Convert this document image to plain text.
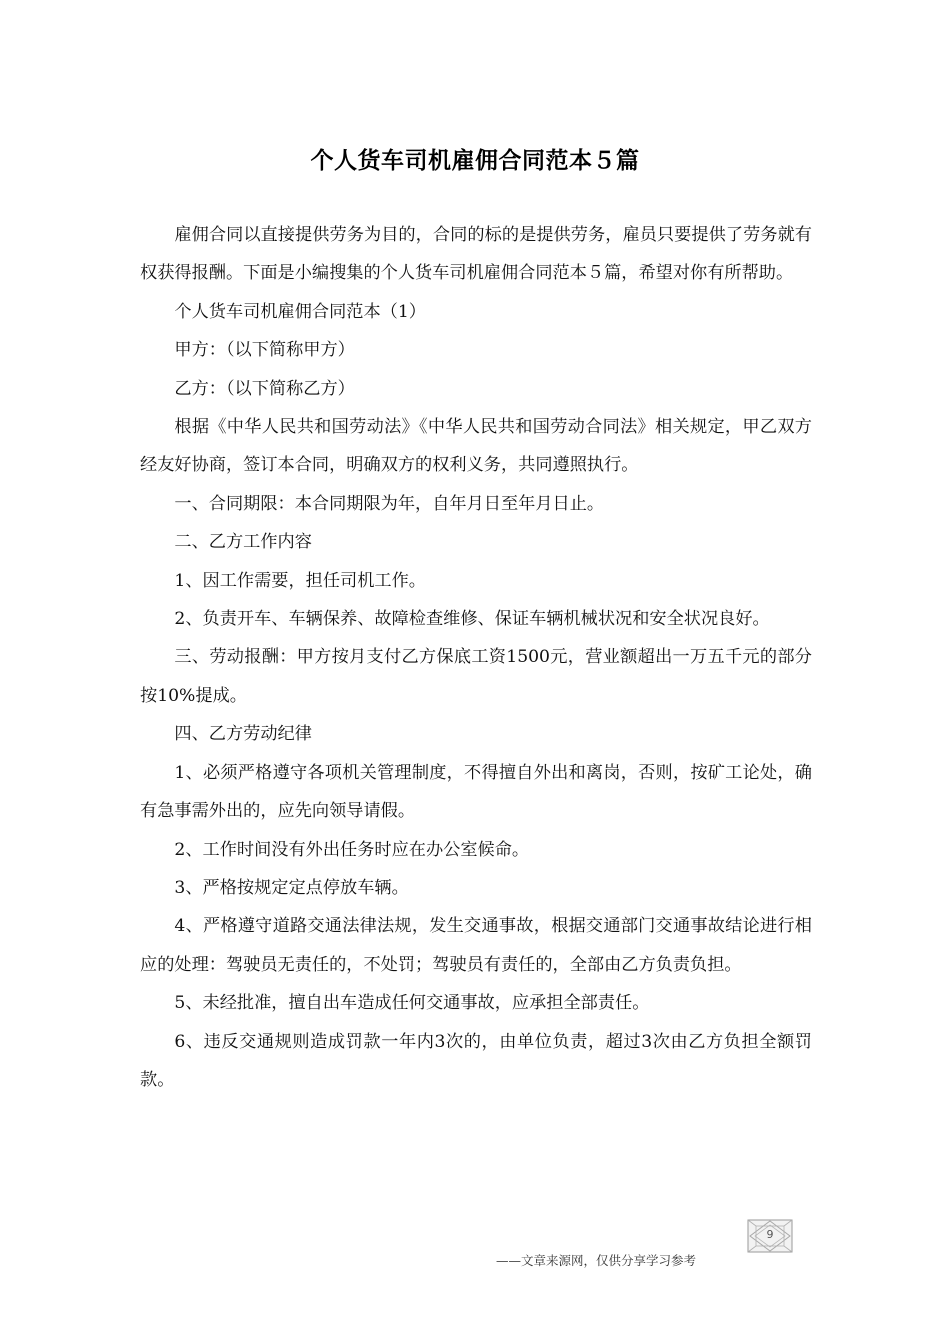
个人货车司机雇佣合同范本５篇

雇佣合同以直接提供劳务为目的，合同的标的是提供劳务，雇员只要提供了劳务就有权获得报酬。下面是小编搜集的个人货车司机雇佣合同范本５篇，希望对你有所帮助。

个人货车司机雇佣合同范本（1）

甲方：（以下简称甲方）

乙方：（以下简称乙方）

根据《中华人民共和国劳动法》《中华人民共和国劳动合同法》相关规定，甲乙双方经友好协商，签订本合同，明确双方的权利义务，共同遵照执行。

一、合同期限：本合同期限为年，自年月日至年月日止。

二、乙方工作内容

1、因工作需要，担任司机工作。

2、负责开车、车辆保养、故障检查维修、保证车辆机械状况和安全状况良好。

三、劳动报酬：甲方按月支付乙方保底工资1500元，营业额超出一万五千元的部分按10%提成。

四、乙方劳动纪律

1、必须严格遵守各项机关管理制度，不得擅自外出和离岗，否则，按矿工论处，确有急事需外出的，应先向领导请假。

2、工作时间没有外出任务时应在办公室候命。

3、严格按规定定点停放车辆。

4、严格遵守道路交通法律法规，发生交通事故，根据交通部门交通事故结论进行相应的处理：驾驶员无责任的，不处罚；驾驶员有责任的，全部由乙方负责负担。

5、未经批准，擅自出车造成任何交通事故，应承担全部责任。

6、违反交通规则造成罚款一年内3次的，由单位负责，超过3次由乙方负担全额罚款。

9
——文章来源网，仅供分享学习参考
